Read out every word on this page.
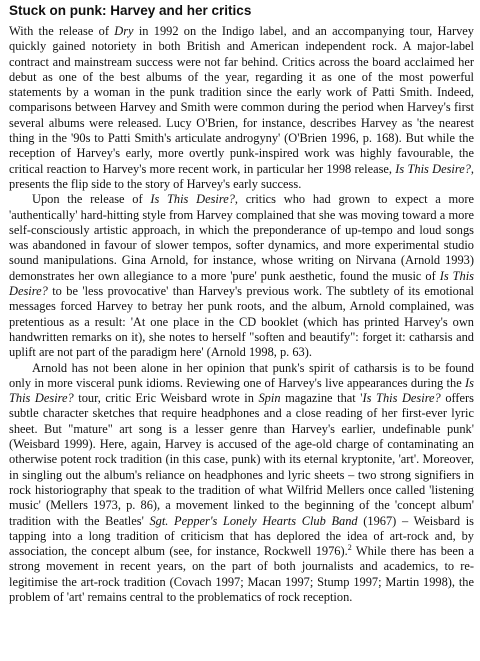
Stuck on punk: Harvey and her critics

With the release of Dry in 1992 on the Indigo label, and an accompanying tour, Harvey quickly gained notoriety in both British and American independent rock. A major-label contract and mainstream success were not far behind. Critics across the board acclaimed her debut as one of the best albums of the year, regarding it as one of the most powerful statements by a woman in the punk tradition since the early work of Patti Smith. Indeed, comparisons between Harvey and Smith were common during the period when Harvey's first several albums were released. Lucy O'Brien, for instance, describes Harvey as 'the nearest thing in the '90s to Patti Smith's articulate androgyny' (O'Brien 1996, p. 168). But while the reception of Harvey's early, more overtly punk-inspired work was highly favourable, the critical reaction to Harvey's more recent work, in particular her 1998 release, Is This Desire?, presents the flip side to the story of Harvey's early success.

Upon the release of Is This Desire?, critics who had grown to expect a more 'authentically' hard-hitting style from Harvey complained that she was moving toward a more self-consciously artistic approach, in which the preponderance of up-tempo and loud songs was abandoned in favour of slower tempos, softer dynamics, and more experimental studio sound manipulations. Gina Arnold, for instance, whose writing on Nirvana (Arnold 1993) demonstrates her own allegiance to a more 'pure' punk aesthetic, found the music of Is This Desire? to be 'less provocative' than Harvey's previous work. The subtlety of its emotional messages forced Harvey to betray her punk roots, and the album, Arnold complained, was pretentious as a result: 'At one place in the CD booklet (which has printed Harvey's own handwritten remarks on it), she notes to herself "soften and beautify": forget it: catharsis and uplift are not part of the paradigm here' (Arnold 1998, p. 63).

Arnold has not been alone in her opinion that punk's spirit of catharsis is to be found only in more visceral punk idioms. Reviewing one of Harvey's live appearances during the Is This Desire? tour, critic Eric Weisbard wrote in Spin magazine that 'Is This Desire? offers subtle character sketches that require headphones and a close reading of her first-ever lyric sheet. But "mature" art song is a lesser genre than Harvey's earlier, undefinable punk' (Weisbard 1999). Here, again, Harvey is accused of the age-old charge of contaminating an otherwise potent rock tradition (in this case, punk) with its eternal kryptonite, 'art'. Moreover, in singling out the album's reliance on headphones and lyric sheets – two strong signifiers in rock historiography that speak to the tradition of what Wilfrid Mellers once called 'listening music' (Mellers 1973, p. 86), a movement linked to the beginning of the 'concept album' tradition with the Beatles' Sgt. Pepper's Lonely Hearts Club Band (1967) – Weisbard is tapping into a long tradition of criticism that has deplored the idea of art-rock and, by association, the concept album (see, for instance, Rockwell 1976).$^2$ While there has been a strong movement in recent years, on the part of both journalists and academics, to re-legitimise the art-rock tradition (Covach 1997; Macan 1997; Stump 1997; Martin 1998), the problem of 'art' remains central to the problematics of rock reception.
